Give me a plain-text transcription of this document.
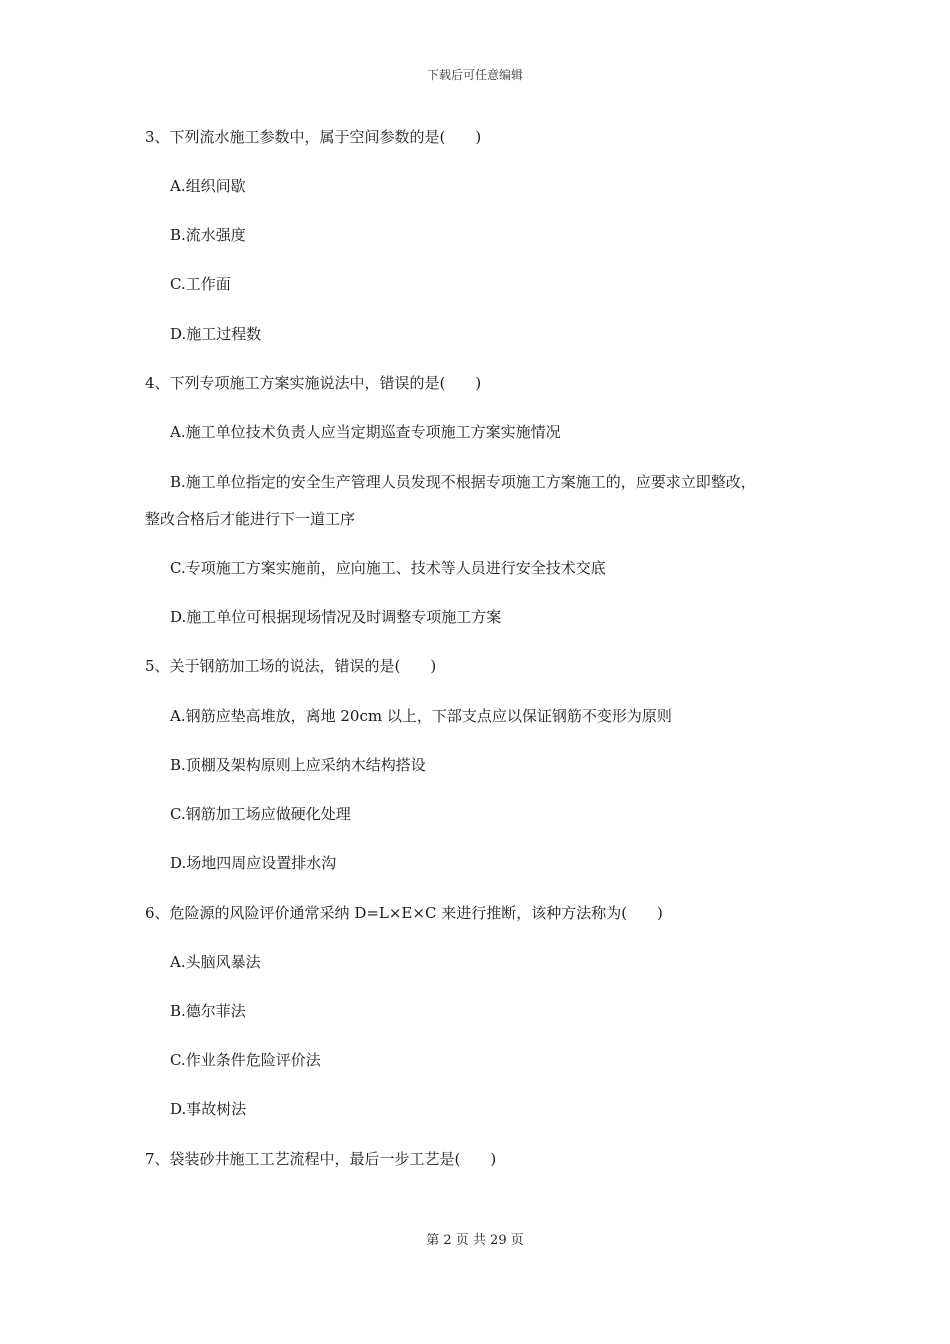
下载后可任意编辑
3、下列流水施工参数中，属于空间参数的是(　　)
A.组织间歇
B.流水强度
C.工作面
D.施工过程数
4、下列专项施工方案实施说法中，错误的是(　　)
A.施工单位技术负责人应当定期巡查专项施工方案实施情况
B.施工单位指定的安全生产管理人员发现不根据专项施工方案施工的，应要求立即整改，
整改合格后才能进行下一道工序
C.专项施工方案实施前，应向施工、技术等人员进行安全技术交底
D.施工单位可根据现场情况及时调整专项施工方案
5、关于钢筋加工场的说法，错误的是(　　)
A.钢筋应垫高堆放，离地 20cm 以上，下部支点应以保证钢筋不变形为原则
B.顶棚及架构原则上应采纳木结构搭设
C.钢筋加工场应做硬化处理
D.场地四周应设置排水沟
6、危险源的风险评价通常采纳 D=L×E×C 来进行推断，该种方法称为(　　)
A.头脑风暴法
B.德尔菲法
C.作业条件危险评价法
D.事故树法
7、袋装砂井施工工艺流程中，最后一步工艺是(　　)
第 2 页 共 29 页
